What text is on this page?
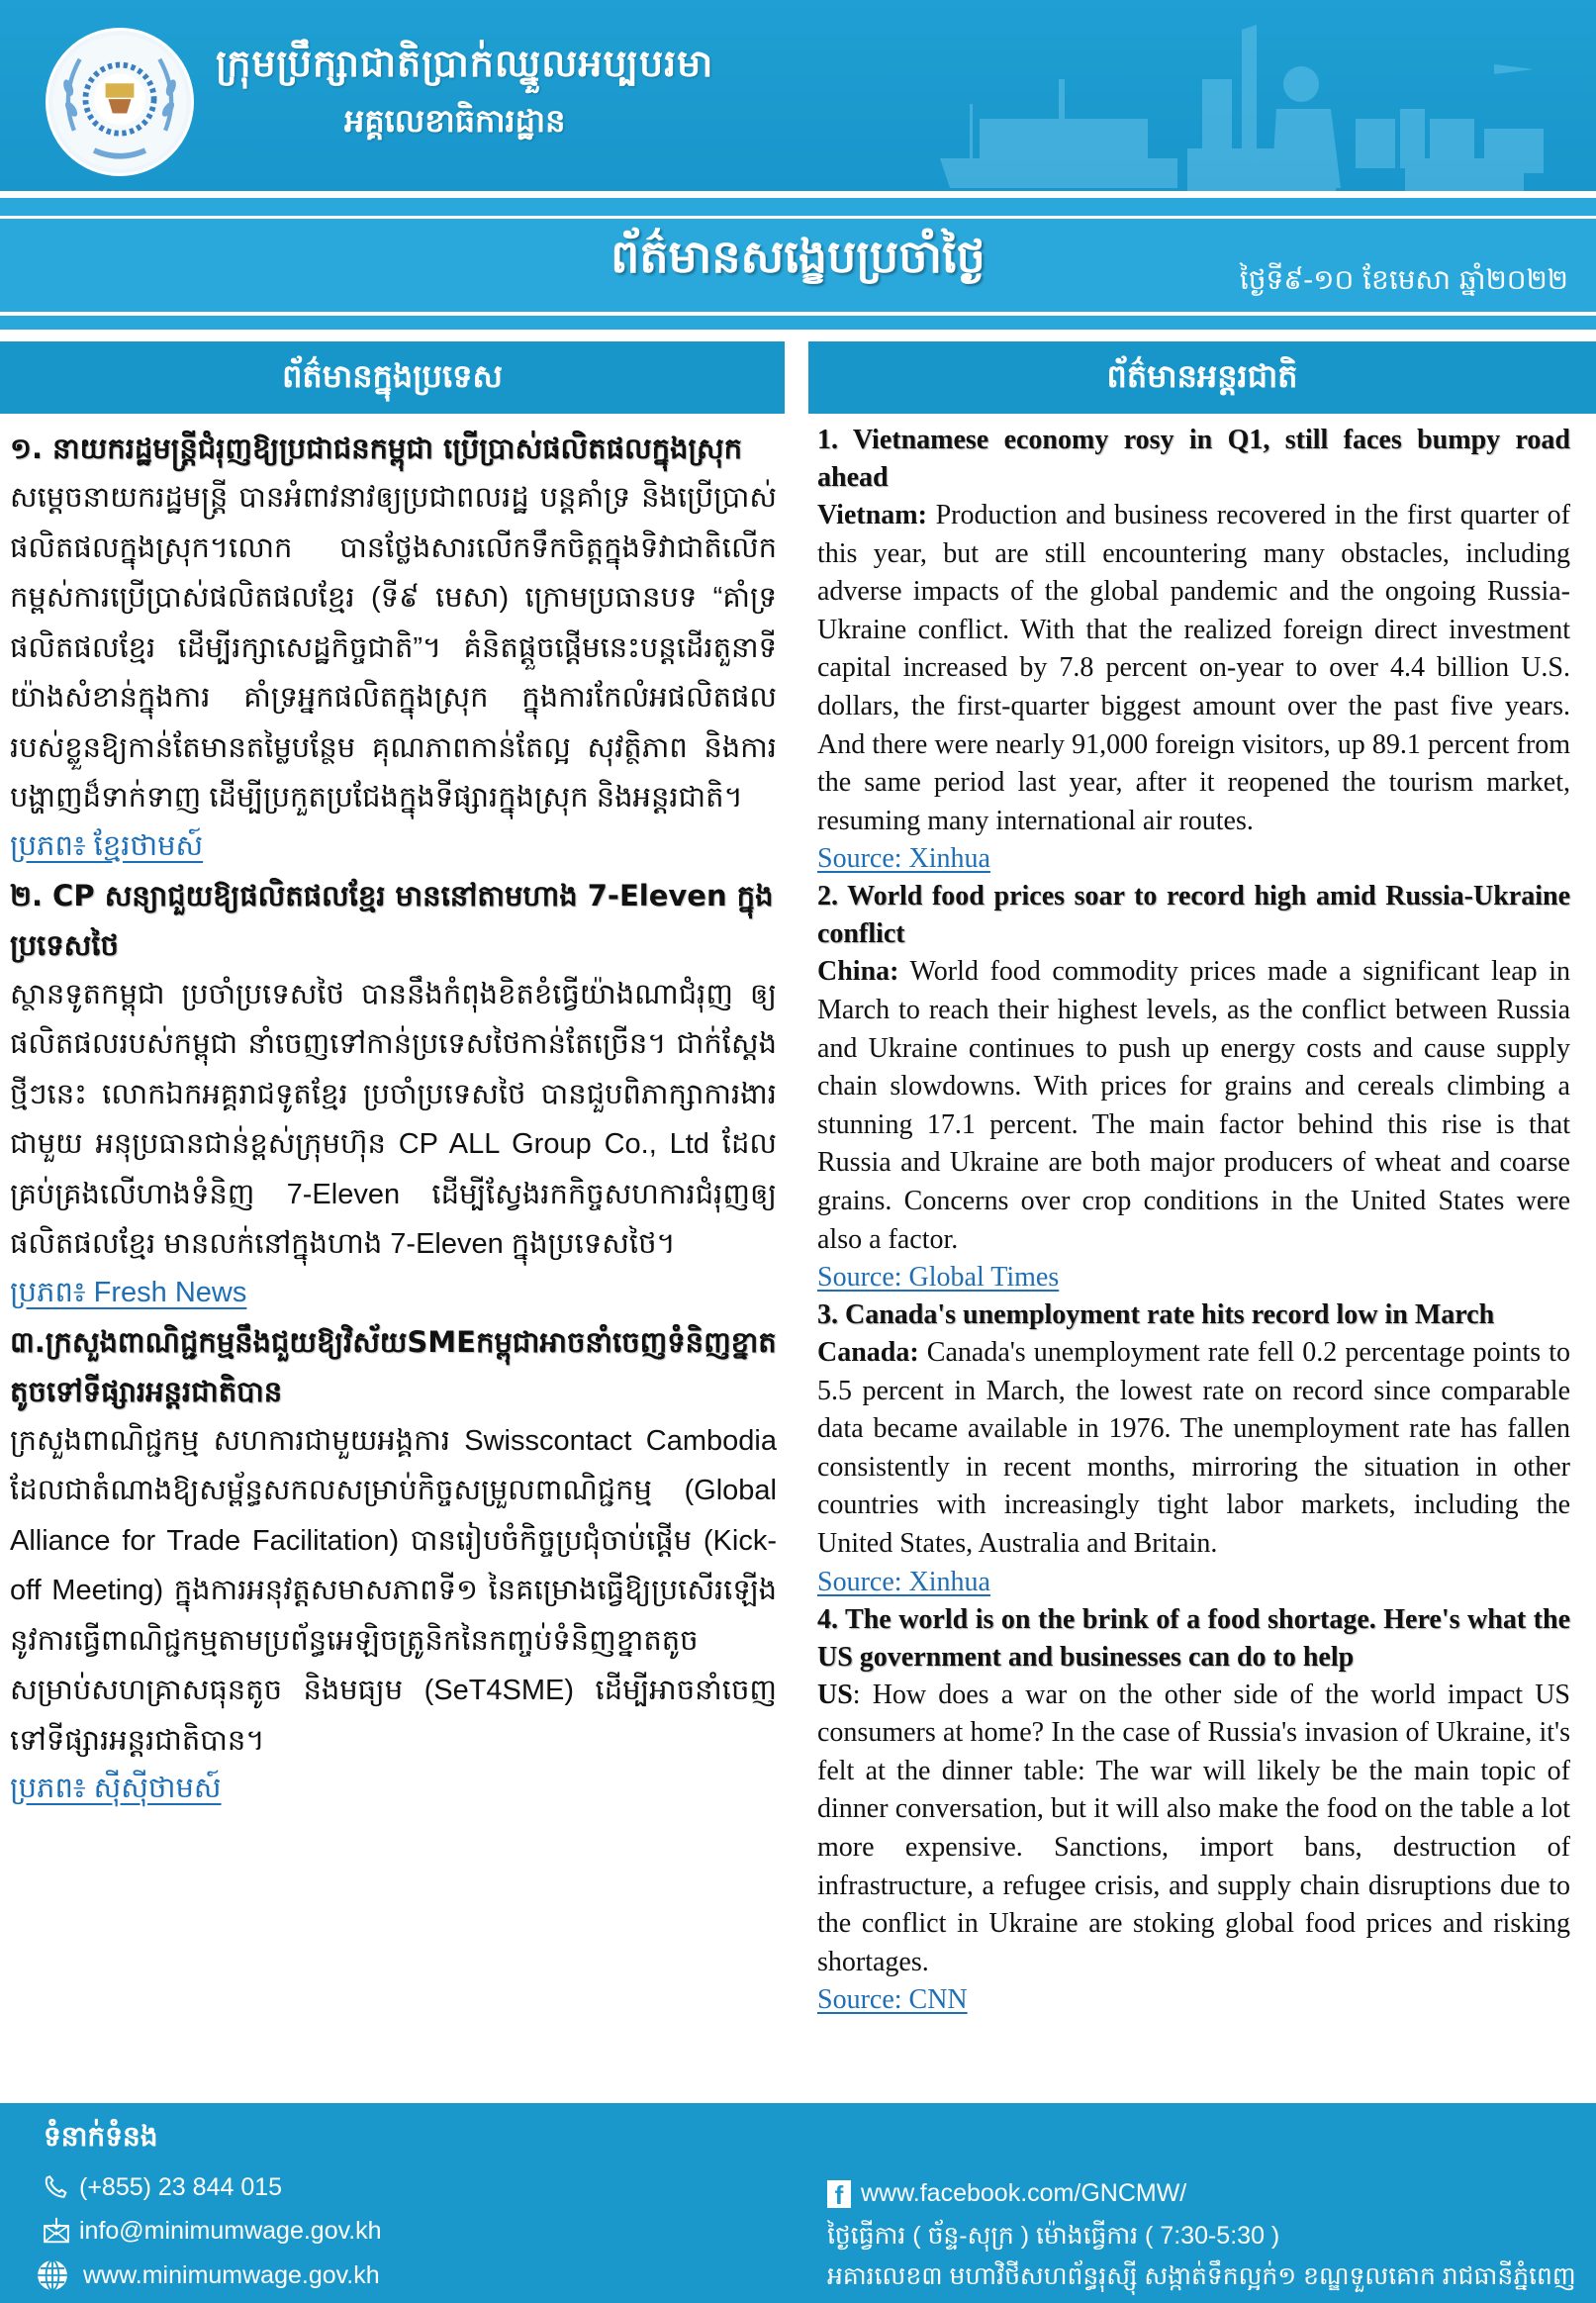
ក្រុមប្រឹក្សាជាតិប្រាក់ឈ្នួលអប្បបរមា
អគ្គលេខាធិការដ្ឋាន
ព័ត៌មានសង្ខេបប្រចាំថ្ងៃ	ថ្ងៃទី៩-១០ ខែមេសា ឆ្នាំ២០២២
ព័ត៌មានក្នុងប្រទេស
១. នាយករដ្ឋមន្ត្រីជំរុញឱ្យប្រជាជនកម្ពុជា ប្រើប្រាស់ផលិតផលក្នុងស្រុក
សម្តេចនាយករដ្ឋមន្ត្រី បានអំពាវនាវឲ្យប្រជាពលរដ្ឋ បន្តគាំទ្រ និងប្រើប្រាស់ផលិតផលក្នុងស្រុក។លោក បានថ្លែងសារលើកទឹកចិត្តក្នុងទិវាជាតិលើកកម្ពស់ការប្រើប្រាស់ផលិតផលខ្មែរ (ទី៩ មេសា) ក្រោមប្រធានបទ “គាំទ្រផលិតផលខ្មែរ ដើម្បីរក្សាសេដ្ឋកិច្ចជាតិ”។ គំនិតផ្តួចផ្តើមនេះបន្តដើរតួនាទីយ៉ាងសំខាន់ក្នុងការ គាំទ្រអ្នកផលិតក្នុងស្រុក ក្នុងការកែលំអផលិតផលរបស់ខ្លួនឱ្យកាន់តែមានតម្លៃបន្ថែម គុណភាពកាន់តែល្អ សុវត្ថិភាព និងការបង្ហាញដ៏ទាក់ទាញ ដើម្បីប្រកួតប្រជែងក្នុងទីផ្សារក្នុងស្រុក និងអន្តរជាតិ។
ប្រភព៖ ខ្មែរថាមស៍
២. CP សន្យាជួយឱ្យផលិតផលខ្មែរ មាននៅតាមហាង 7-Eleven ក្នុងប្រទេសថៃ
ស្ថានទូតកម្ពុជា ប្រចាំប្រទេសថៃ បាននឹងកំពុងខិតខំធ្វើយ៉ាងណាជំរុញ ឲ្យផលិតផលរបស់កម្ពុជា នាំចេញទៅកាន់ប្រទេសថៃកាន់តែច្រើន។ ជាក់ស្តែងថ្មីៗនេះ លោកឯកអគ្គរាជទូតខ្មែរ ប្រចាំប្រទេសថៃ បានជួបពិភាក្សាការងារជាមួយ អនុប្រធានជាន់ខ្ពស់ក្រុមហ៊ុន CP ALL Group Co., Ltd ដែលគ្រប់គ្រងលើហាងទំនិញ 7-Eleven ដើម្បីស្វែងរកកិច្ចសហការជំរុញឲ្យផលិតផលខ្មែរ មានលក់នៅក្នុងហាង 7-Eleven ក្នុងប្រទេសថៃ។
ប្រភព៖ Fresh News
៣.ក្រសួងពាណិជ្ជកម្មនឹងជួយឱ្យវិស័យSMEកម្ពុជាអាចនាំចេញទំនិញខ្នាតតូចទៅទីផ្សារអន្តរជាតិបាន
ក្រសួងពាណិជ្ជកម្ម សហការជាមួយអង្គការ Swisscontact Cambodia ដែលជាតំណាងឱ្យសម្ព័ន្ធសកលសម្រាប់កិច្ចសម្រួលពាណិជ្ជកម្ម (Global Alliance for Trade Facilitation) បានរៀបចំកិច្ចប្រជុំចាប់ផ្តើម (Kick-off Meeting) ក្នុងការអនុវត្តសមាសភាពទី១ នៃគម្រោងធ្វើឱ្យប្រសើរឡើងនូវការធ្វើពាណិជ្ជកម្មតាមប្រព័ន្ធអេឡិចត្រូនិកនៃកញ្ចប់ទំនិញខ្នាតតូចសម្រាប់សហគ្រាសធុនតូច និងមធ្យម (SeT4SME) ដើម្បីអាចនាំចេញទៅទីផ្សារអន្តរជាតិបាន។
ប្រភព៖ ស៊ីស៊ីថាមស៍
ព័ត៌មានអន្តរជាតិ
1. Vietnamese economy rosy in Q1, still faces bumpy road ahead
Vietnam: Production and business recovered in the first quarter of this year, but are still encountering many obstacles, including adverse impacts of the global pandemic and the ongoing Russia-Ukraine conflict. With that the realized foreign direct investment capital increased by 7.8 percent on-year to over 4.4 billion U.S. dollars, the first-quarter biggest amount over the past five years. And there were nearly 91,000 foreign visitors, up 89.1 percent from the same period last year, after it reopened the tourism market, resuming many international air routes.
Source: Xinhua
2. World food prices soar to record high amid Russia-Ukraine conflict
China: World food commodity prices made a significant leap in March to reach their highest levels, as the conflict between Russia and Ukraine continues to push up energy costs and cause supply chain slowdowns. With prices for grains and cereals climbing a stunning 17.1 percent. The main factor behind this rise is that Russia and Ukraine are both major producers of wheat and coarse grains. Concerns over crop conditions in the United States were also a factor.
Source: Global Times
3. Canada's unemployment rate hits record low in March
Canada: Canada's unemployment rate fell 0.2 percentage points to 5.5 percent in March, the lowest rate on record since comparable data became available in 1976. The unemployment rate has fallen consistently in recent months, mirroring the situation in other countries with increasingly tight labor markets, including the United States, Australia and Britain.
Source: Xinhua
4. The world is on the brink of a food shortage. Here's what the US government and businesses can do to help
US: How does a war on the other side of the world impact US consumers at home? In the case of Russia's invasion of Ukraine, it's felt at the dinner table: The war will likely be the main topic of dinner conversation, but it will also make the food on the table a lot more expensive. Sanctions, import bans, destruction of infrastructure, a refugee crisis, and supply chain disruptions due to the conflict in Ukraine are stoking global food prices and risking shortages.
Source: CNN
ទំនាក់ទំនង
(+855) 23 844 015
info@minimumwage.gov.kh
www.minimumwage.gov.kh
f www.facebook.com/GNCMW/
ថ្ងៃធ្វើការ ( ច័ន្ទ-សុក្រ ) ម៉ោងធ្វើការ ( 7:30-5:30 )
អគារលេខ៣ មហាវិថីសហព័ន្ធរុស្ស៊ី សង្កាត់ទឹកល្អក់១ ខណ្ឌទួលគោក រាជធានីភ្នំពេញ
